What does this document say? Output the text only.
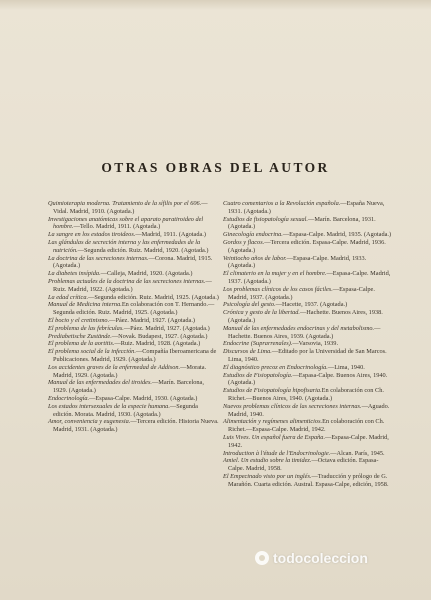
OTRAS OBRAS DEL AUTOR

Quimioterapia moderna. Tratamiento de la sífilis por el 606.—Vidal. Madrid, 1910. (Agotada.)

Investigaciones anatómicas sobre el aparato paratiroideo del hombre.—Tello. Madrid, 1911. (Agotada.)

La sangre en los estados tiroideos.—Madrid, 1911. (Agotada.)

Las glándulas de secreción interna y las enfermedades de la nutrición.—Segunda edición. Ruiz. Madrid, 1920. (Agotada.)

La doctrina de las secreciones internas.—Corona. Madrid, 1915. (Agotada.)

La diabetes insípida.—Calleja, Madrid, 1920. (Agotada.)

Problemas actuales de la doctrina de las secreciones internas.—Ruiz. Madrid, 1922. (Agotada.)

La edad crítica.—Segunda edición. Ruiz. Madrid, 1925. (Agotada.)

Manual de Medicina interna.En colaboración con T. Hernando.—Segunda edición. Ruiz. Madrid, 1925. (Agotada.)

El bocio y el cretinismo.—Páez. Madrid, 1927. (Agotada.)

El problema de las febrículas.—Páez. Madrid, 1927. (Agotada.)

Prediabetische Zustände.—Novak. Budapest, 1927. (Agotada.)

El problema de la aortitis.—Ruiz. Madrid, 1928. (Agotada.)

El problema social de la infección.—Compañía Iberoamericana de Publicaciones. Madrid, 1929. (Agotada.)

Los accidentes graves de la enfermedad de Addison.—Morata. Madrid, 1929. (Agotada.)

Manual de las enfermedades del tiroides.—Marín. Barcelona, 1929. (Agotada.)

Endocrinología.—Espasa-Calpe. Madrid, 1930. (Agotada.)

Los estados intersexuales de la especie humana.—Segunda edición. Morata. Madrid, 1930. (Agotada.)

Amor, conveniencia y eugenesia.—Tercera edición. Historia Nueva. Madrid, 1931. (Agotada.)

Cuatro comentarios a la Revolución española.—España Nueva, 1931. (Agotada.)

Estudios de fisiopatología sexual.—Marín. Barcelona, 1931. (Agotada.)

Ginecología endocrina.—Espasa-Calpe. Madrid, 1935. (Agotada.)

Gordos y flacos.—Tercera edición. Espasa-Calpe. Madrid, 1936. (Agotada.)

Veintiocho años de labor.—Espasa-Calpe. Madrid, 1933. (Agotada.)

El climaterio en la mujer y en el hombre.—Espasa-Calpe. Madrid, 1937. (Agotada.)

Los problemas clínicos de los casos fáciles.—Espasa-Calpe. Madrid, 1937. (Agotada.)

Psicología del gesto.—Hacette, 1937. (Agotada.)

Crónica y gesto de la libertad.—Hachette. Buenos Aires, 1938. (Agotada.)

Manual de las enfermedades endocrinas y del metabolismo.—Hachette. Buenos Aires, 1939. (Agotada.)

Endocrine (Suprarrenales).—Varsovia, 1939.

Discursos de Lima.—Editado por la Universidad de San Marcos. Lima, 1940.

El diagnóstico precoz en Endocrinología.—Lima, 1940.

Estudios de Fisiopatología.—Espasa-Calpe. Buenos Aires, 1940. (Agotada.)

Estudios de Fisiopatología hipofisaria.En colaboración con Ch. Richet.—Buenos Aires, 1940. (Agotada.)

Nuevos problemas clínicos de las secreciones internas.—Aguado. Madrid, 1940.

Alimentación y regímenes alimenticios.En colaboración con Ch. Richet.—Espasa-Calpe. Madrid, 1942.

Luis Vives. Un español fuera de España.—Espasa-Calpe. Madrid, 1942.

Introduction à l'étude de l'Endocrinologie.—Alcan. París, 1945.

Amiel. Un estudio sobre la timidez.—Octava edición. Espasa-Calpe. Madrid, 1958.

El Empecinado visto por un inglés.—Traducción y prólogo de G. Marañón. Cuarta edición. Austral. Espasa-Calpe, edición, 1958.

todocoleccion
